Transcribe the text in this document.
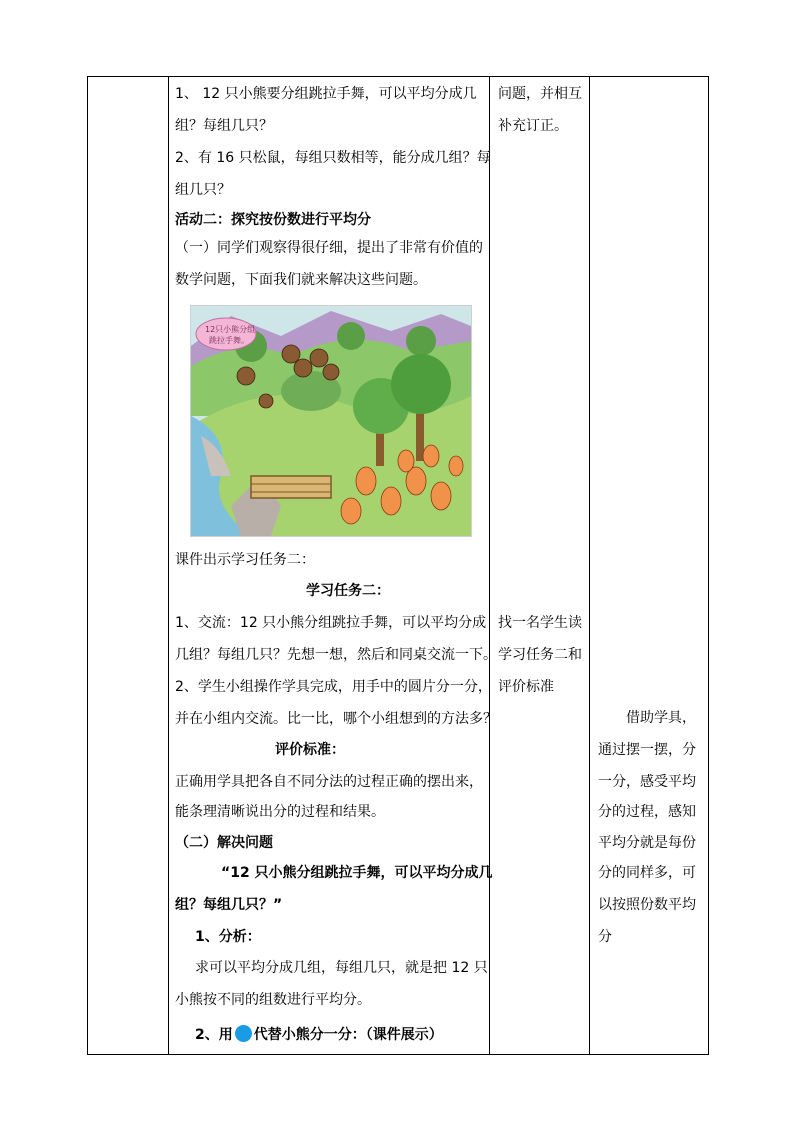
1、 12 只小熊要分组跳拉手舞，可以平均分成几
组？每组几只？
2、有 16 只松鼠，每组只数相等，能分成几组？每
组几只？
活动二：探究按份数进行平均分
（一）同学们观察得很仔细，提出了非常有价值的
数学问题，下面我们就来解决这些问题。
12只小熊分组
跳拉手舞。
课件出示学习任务二：
学习任务二：
1、交流：12 只小熊分组跳拉手舞，可以平均分成
几组？每组几只？先想一想，然后和同桌交流一下。
2、学生小组操作学具完成，用手中的圆片分一分，
并在小组内交流。比一比，哪个小组想到的方法多？
评价标准：
正确用学具把各自不同分法的过程正确的摆出来，
能条理清晰说出分的过程和结果。
（二）解决问题
“12 只小熊分组跳拉手舞，可以平均分成几
组？每组几只？”
1、分析：
求可以平均分成几组，每组几只，就是把 12 只
小熊按不同的组数进行平均分。
2、用 代替小熊分一分：（课件展示）

问题，并相互
补充订正。
找一名学生读
学习任务二和
评价标准

借助学具，
通过摆一摆，分
一分，感受平均
分的过程，感知
平均分就是每份
分的同样多，可
以按照份数平均
分
